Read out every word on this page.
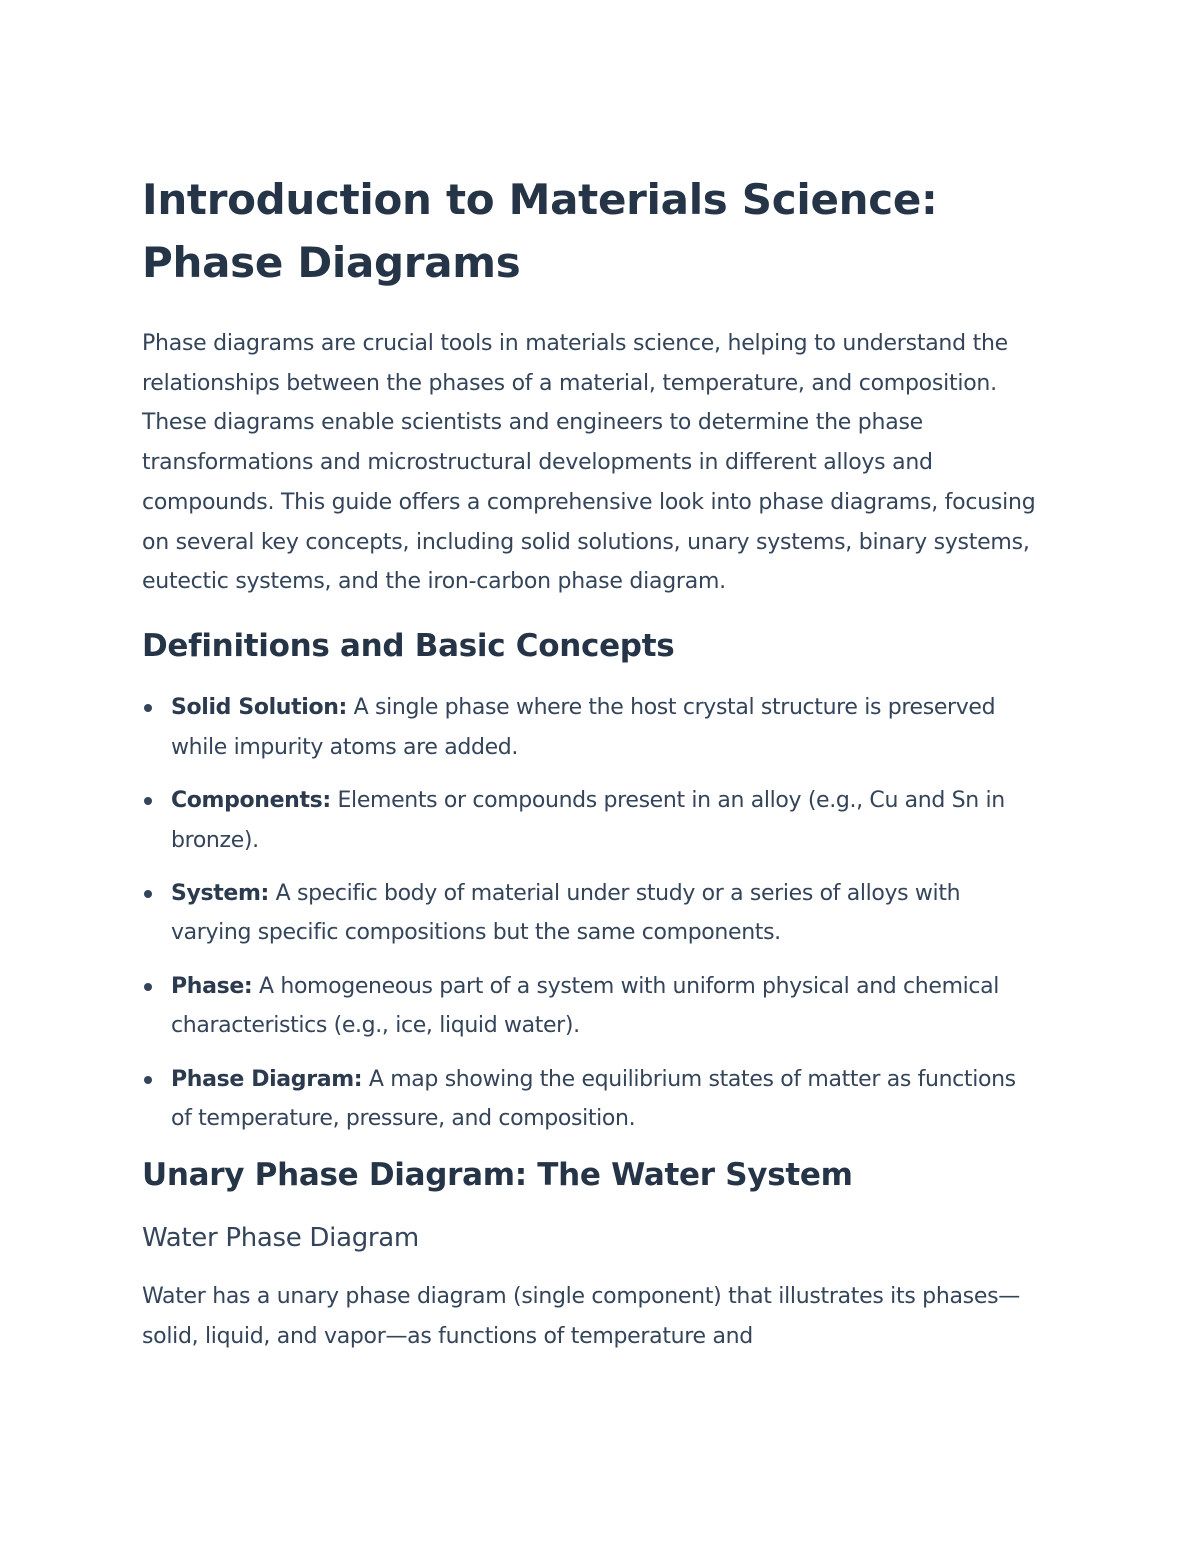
Introduction to Materials Science:
Phase Diagrams

Phase diagrams are crucial tools in materials science, helping to understand the relationships between the phases of a material, temperature, and composition. These diagrams enable scientists and engineers to determine the phase transformations and microstructural developments in different alloys and compounds. This guide offers a comprehensive look into phase diagrams, focusing on several key concepts, including solid solutions, unary systems, binary systems, eutectic systems, and the iron-carbon phase diagram.

Definitions and Basic Concepts
Solid Solution: A single phase where the host crystal structure is preserved while impurity atoms are added.
Components: Elements or compounds present in an alloy (e.g., Cu and Sn in bronze).
System: A specific body of material under study or a series of alloys with varying specific compositions but the same components.
Phase: A homogeneous part of a system with uniform physical and chemical characteristics (e.g., ice, liquid water).
Phase Diagram: A map showing the equilibrium states of matter as functions of temperature, pressure, and composition.
Unary Phase Diagram: The Water System
Water Phase Diagram

Water has a unary phase diagram (single component) that illustrates its phases—solid, liquid, and vapor—as functions of temperature and
